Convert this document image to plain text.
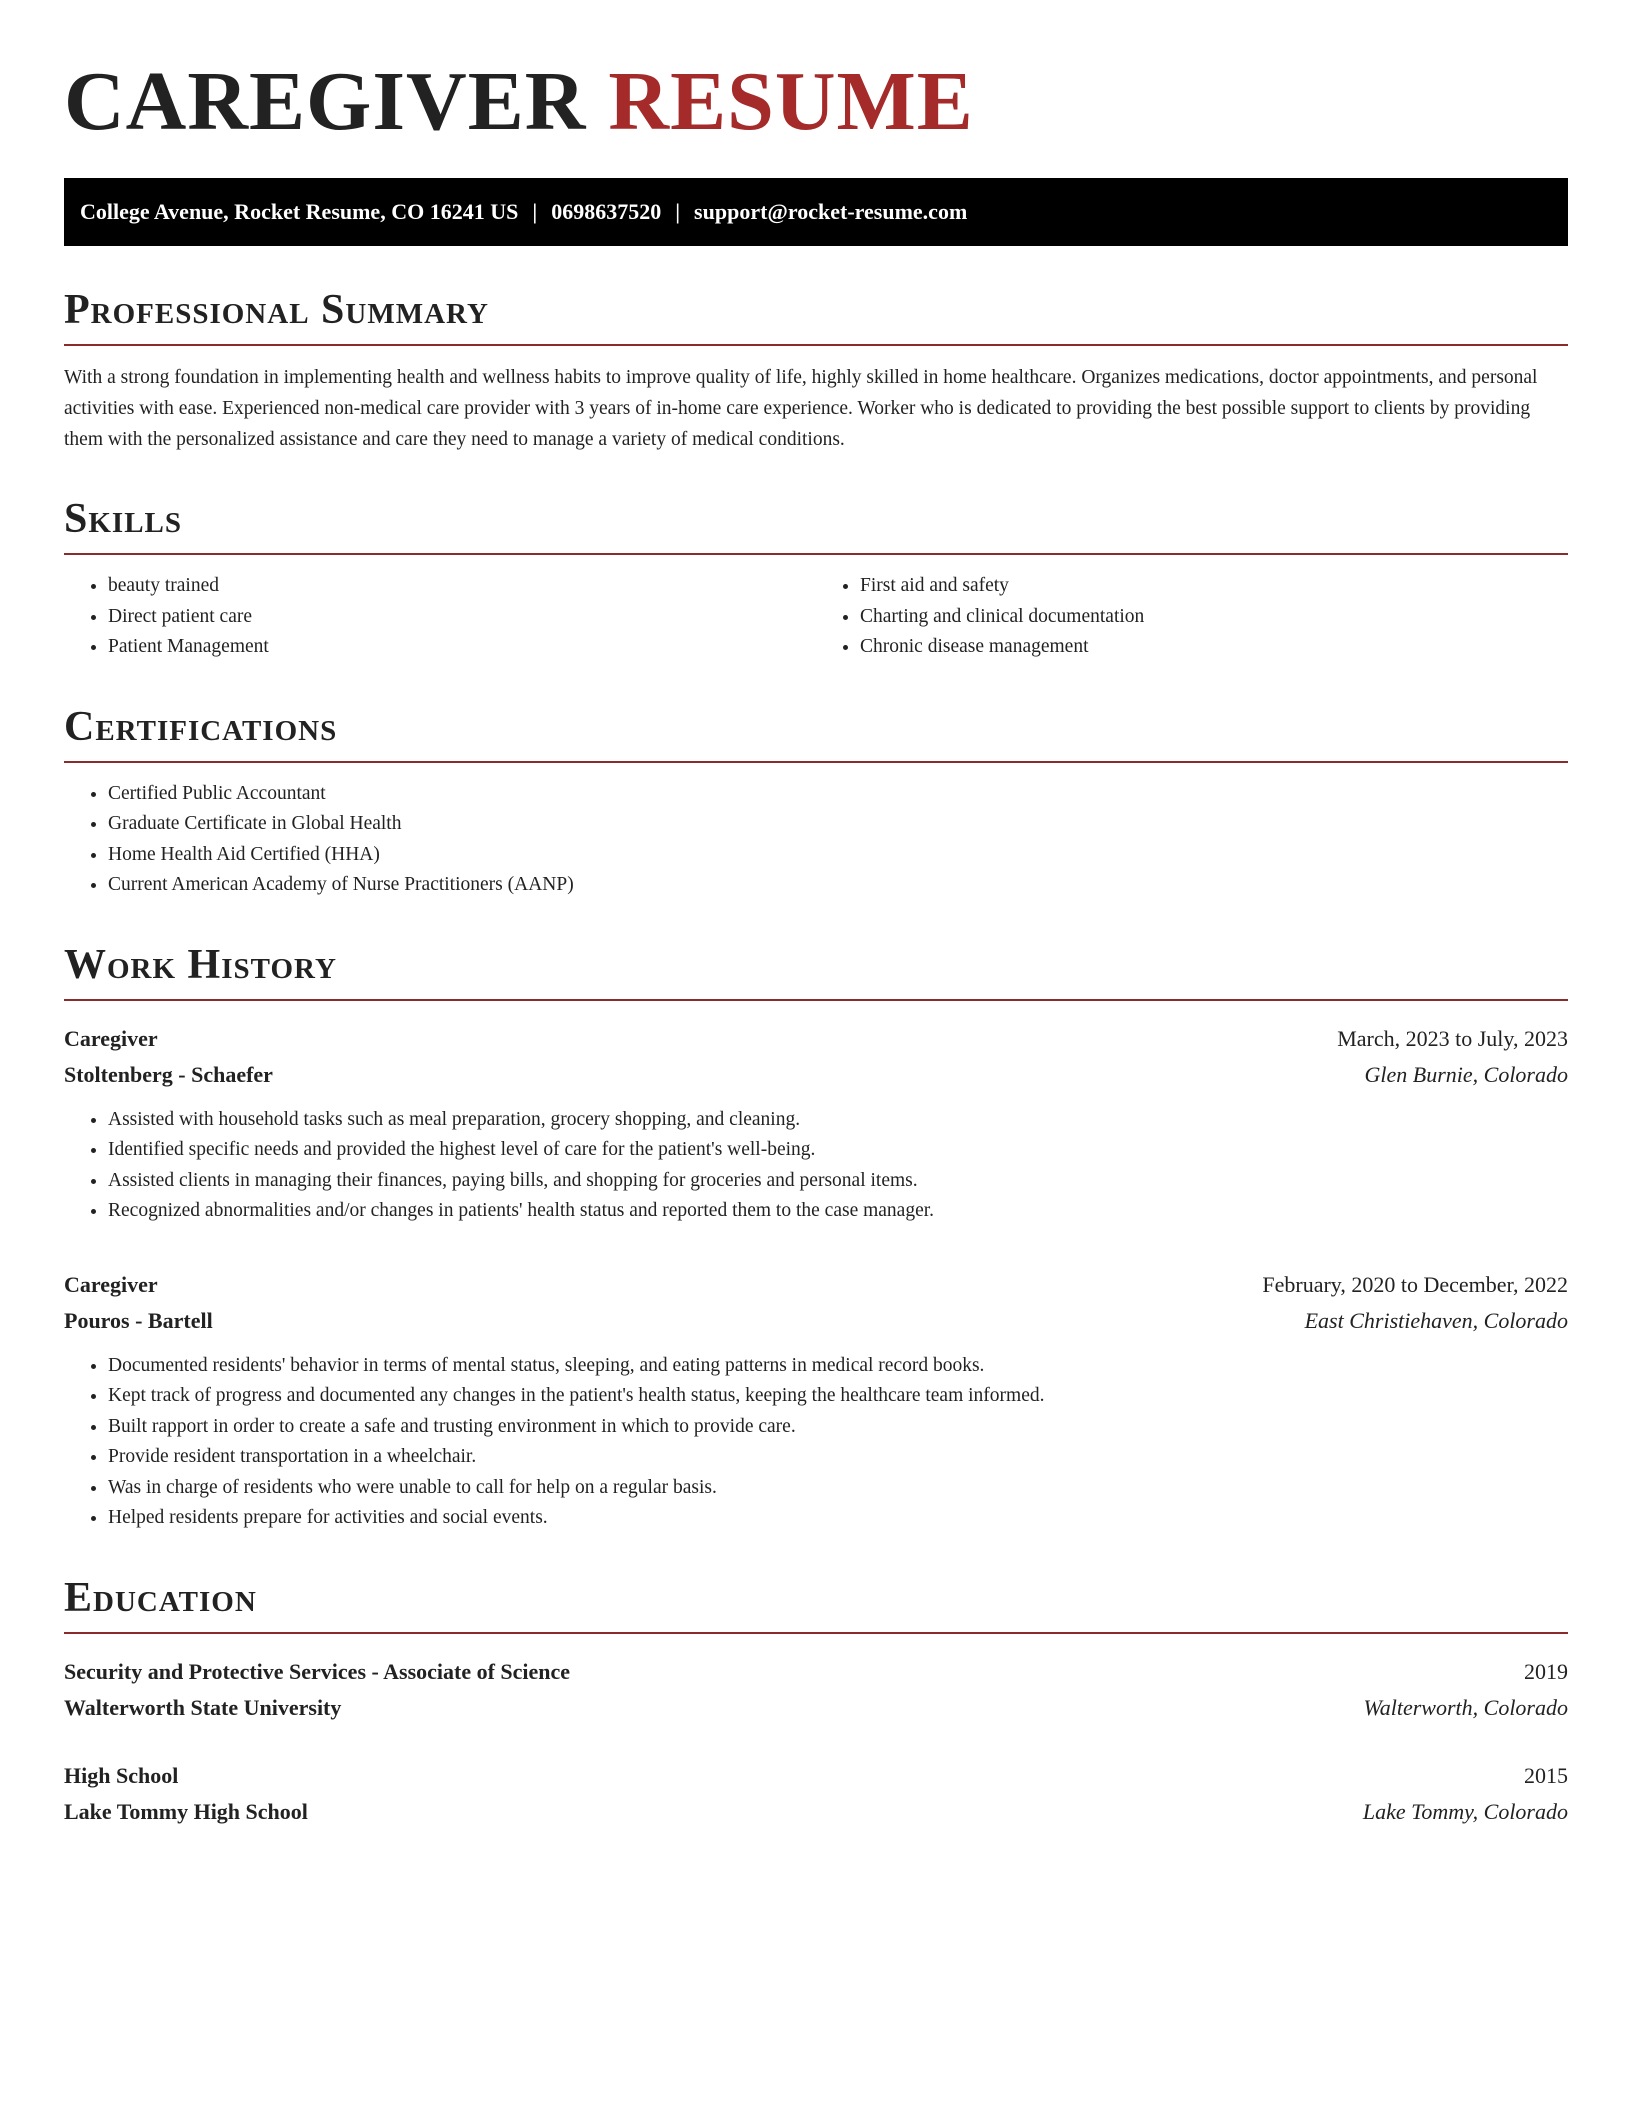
CAREGIVER RESUME
College Avenue, Rocket Resume, CO 16241 US | 0698637520 | support@rocket-resume.com
Professional Summary

With a strong foundation in implementing health and wellness habits to improve quality of life, highly skilled in home healthcare. Organizes medications, doctor appointments, and personal activities with ease. Experienced non-medical care provider with 3 years of in-home care experience. Worker who is dedicated to providing the best possible support to clients by providing them with the personalized assistance and care they need to manage a variety of medical conditions.

Skills
• beauty trained
• Direct patient care
• Patient Management
• First aid and safety
• Charting and clinical documentation
• Chronic disease management
Certifications
• Certified Public Accountant
• Graduate Certificate in Global Health
• Home Health Aid Certified (HHA)
• Current American Academy of Nurse Practitioners (AANP)
Work History
Caregiver	March, 2023 to July, 2023
Stoltenberg - Schaefer	Glen Burnie, Colorado
• Assisted with household tasks such as meal preparation, grocery shopping, and cleaning.
• Identified specific needs and provided the highest level of care for the patient's well-being.
• Assisted clients in managing their finances, paying bills, and shopping for groceries and personal items.
• Recognized abnormalities and/or changes in patients' health status and reported them to the case manager.
Caregiver	February, 2020 to December, 2022
Pouros - Bartell	East Christiehaven, Colorado
• Documented residents' behavior in terms of mental status, sleeping, and eating patterns in medical record books.
• Kept track of progress and documented any changes in the patient's health status, keeping the healthcare team informed.
• Built rapport in order to create a safe and trusting environment in which to provide care.
• Provide resident transportation in a wheelchair.
• Was in charge of residents who were unable to call for help on a regular basis.
• Helped residents prepare for activities and social events.
Education
Security and Protective Services - Associate of Science	2019
Walterworth State University	Walterworth, Colorado
High School	2015
Lake Tommy High School	Lake Tommy, Colorado
